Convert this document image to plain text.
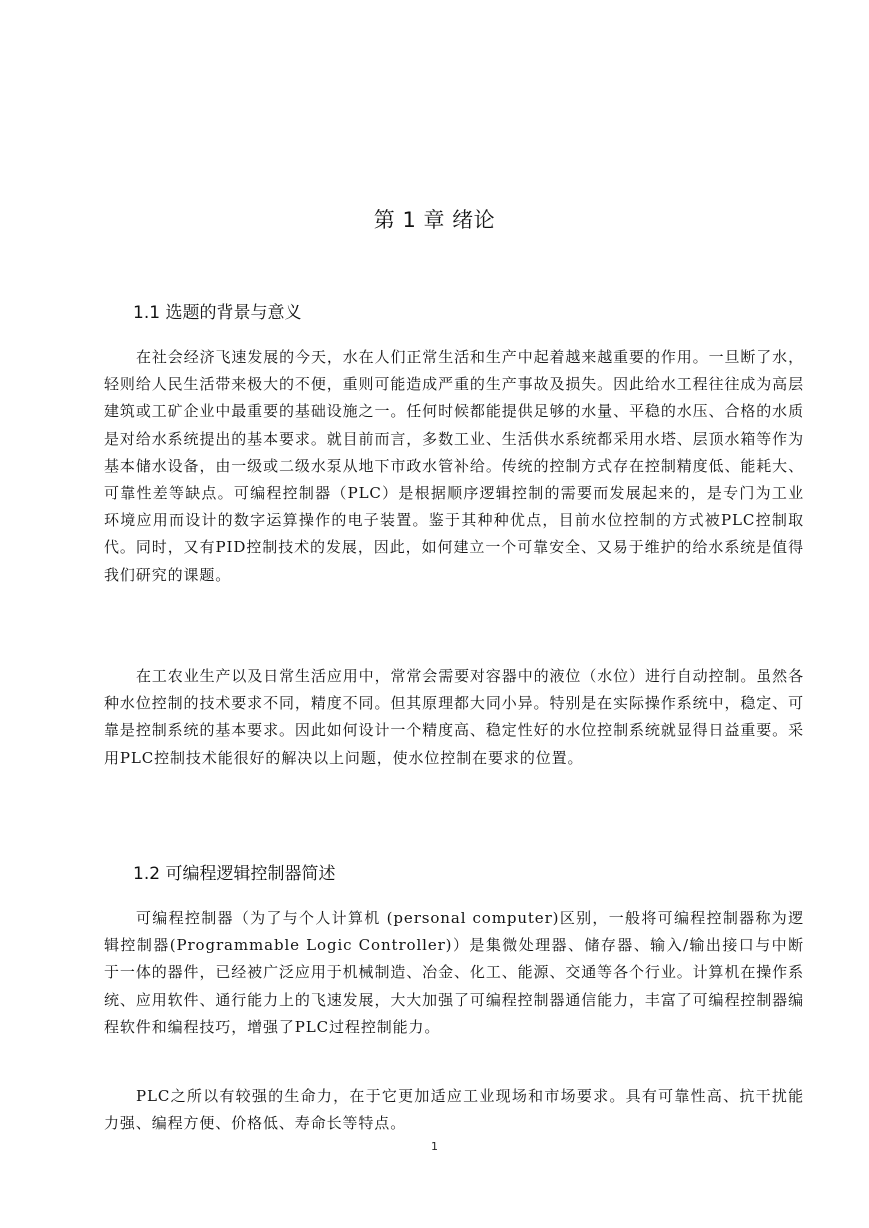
第 1 章 绪论
1.1 选题的背景与意义

在社会经济飞速发展的今天，水在人们正常生活和生产中起着越来越重要的作用。一旦断了水，轻则给人民生活带来极大的不便，重则可能造成严重的生产事故及损失。因此给水工程往往成为高层建筑或工矿企业中最重要的基础设施之一。任何时候都能提供足够的水量、平稳的水压、合格的水质是对给水系统提出的基本要求。就目前而言，多数工业、生活供水系统都采用水塔、层顶水箱等作为基本储水设备，由一级或二级水泵从地下市政水管补给。传统的控制方式存在控制精度低、能耗大、可靠性差等缺点。可编程控制器（PLC）是根据顺序逻辑控制的需要而发展起来的，是专门为工业环境应用而设计的数字运算操作的电子装置。鉴于其种种优点，目前水位控制的方式被PLC控制取代。同时，又有PID控制技术的发展，因此，如何建立一个可靠安全、又易于维护的给水系统是值得我们研究的课题。

在工农业生产以及日常生活应用中，常常会需要对容器中的液位（水位）进行自动控制。虽然各种水位控制的技术要求不同，精度不同。但其原理都大同小异。特别是在实际操作系统中，稳定、可靠是控制系统的基本要求。因此如何设计一个精度高、稳定性好的水位控制系统就显得日益重要。采用PLC控制技术能很好的解决以上问题，使水位控制在要求的位置。

1.2 可编程逻辑控制器简述

可编程控制器（为了与个人计算机 (personal computer)区别，一般将可编程控制器称为逻辑控制器(Programmable Logic Controller)）是集微处理器、储存器、输入/输出接口与中断于一体的器件，已经被广泛应用于机械制造、冶金、化工、能源、交通等各个行业。计算机在操作系统、应用软件、通行能力上的飞速发展，大大加强了可编程控制器通信能力，丰富了可编程控制器编程软件和编程技巧，增强了PLC过程控制能力。

PLC之所以有较强的生命力，在于它更加适应工业现场和市场要求。具有可靠性高、抗干扰能力强、编程方便、价格低、寿命长等特点。

1
